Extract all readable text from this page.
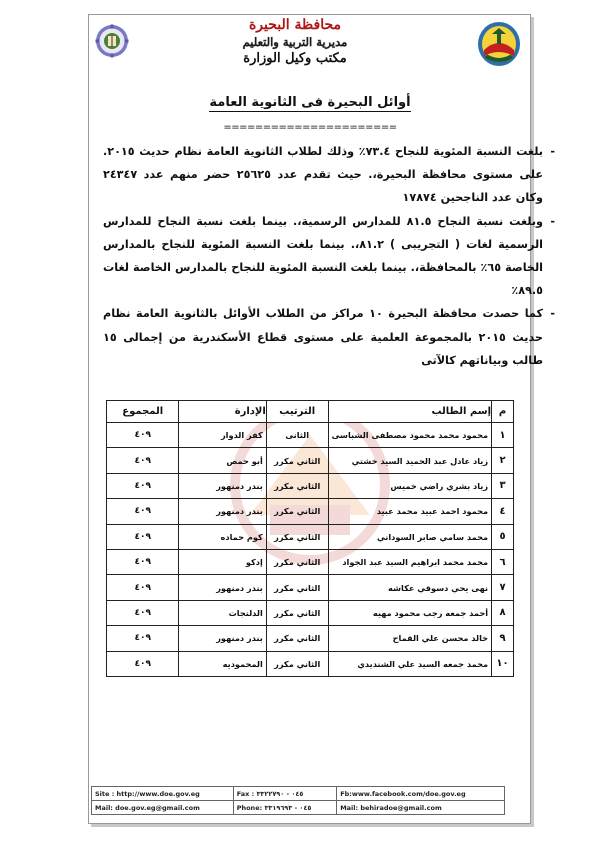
محافظة البحيرة
مديرية التربية والتعليم
مكتب وكيل الوزارة
أوائل البحيرة فى الثانوية العامة
======================
-
بلغت النسبة المئوية للنجاح ٧٣.٤٪ وذلك لطلاب الثانوية العامة نظام حديث ٢٠١٥. على مستوى محافظة البحيرة،. حيث تقدم عدد ٢٥٦٢٥ حضر منهم عدد ٢٤٣٤٧ وكان عدد الناجحين ١٧٨٧٤
-
وبلغت نسبة النجاح ٨١.٥ للمدارس الرسمية،. بينما بلغت نسبة النجاح للمدارس الرسمية لغات ( التجريبى ) ٨١.٢،. بينما بلغت النسبة المئوية للنجاح بالمدارس الخاصة ٦٥٪ بالمحافظة،. بينما بلغت النسبة المئوية للنجاح بالمدارس الخاصة لغات ٨٩.٥٪
-
كما حصدت محافظة البحيرة ١٠ مراكز من الطلاب الأوائل بالثانوية العامة نظام حديث ٢٠١٥ بالمجموعة العلمية على مستوى قطاع الأسكندرية من إجمالى ١٥ طالب وبياناتهم كالآتى
م	إسم الطالب	الترتيب	الإدارة	المجموع
١	محمود محمد محمود مصطفى الشباسى	الثانى	كفر الدوار	٤٠٩
٢	زياد عادل عبد الحميد السيد خشتي	الثاني مكرر	أبو حمص	٤٠٩
٣	زياد بشري راضي خميس	الثاني مكرر	بندر دمنهور	٤٠٩
٤	محمود احمد عبيد محمد عبيد	الثاني مكرر	بندر دمنهور	٤٠٩
٥	محمد سامي صابر السوداني	الثاني مكرر	كوم حماده	٤٠٩
٦	محمد محمد ابراهيم السيد عبد الجواد	الثاني مكرر	إدكو	٤٠٩
٧	نهى يحي دسوقي عكاشه	الثاني مكرر	بندر دمنهور	٤٠٩
٨	أحمد جمعه رجب محمود مهيه	الثاني مكرر	الدلنجات	٤٠٩
٩	خالد محسن علي القماح	الثاني مكرر	بندر دمنهور	٤٠٩
١٠	محمد جمعه السيد علي الشنديدي	الثاني مكرر	المحموديه	٤٠٩
Site : http://www.doe.gov.eg	Fax : ٠٤٥ - ٣٣٢٢٧٩٠	Fb:www.facebook.com/doe.gov.eg
Mail: doe.gov.eg@gmail.com	Phone: ٠٤٥ - ٣٣١٩٦٩٣	Mail: behiradoe@gmail.com
